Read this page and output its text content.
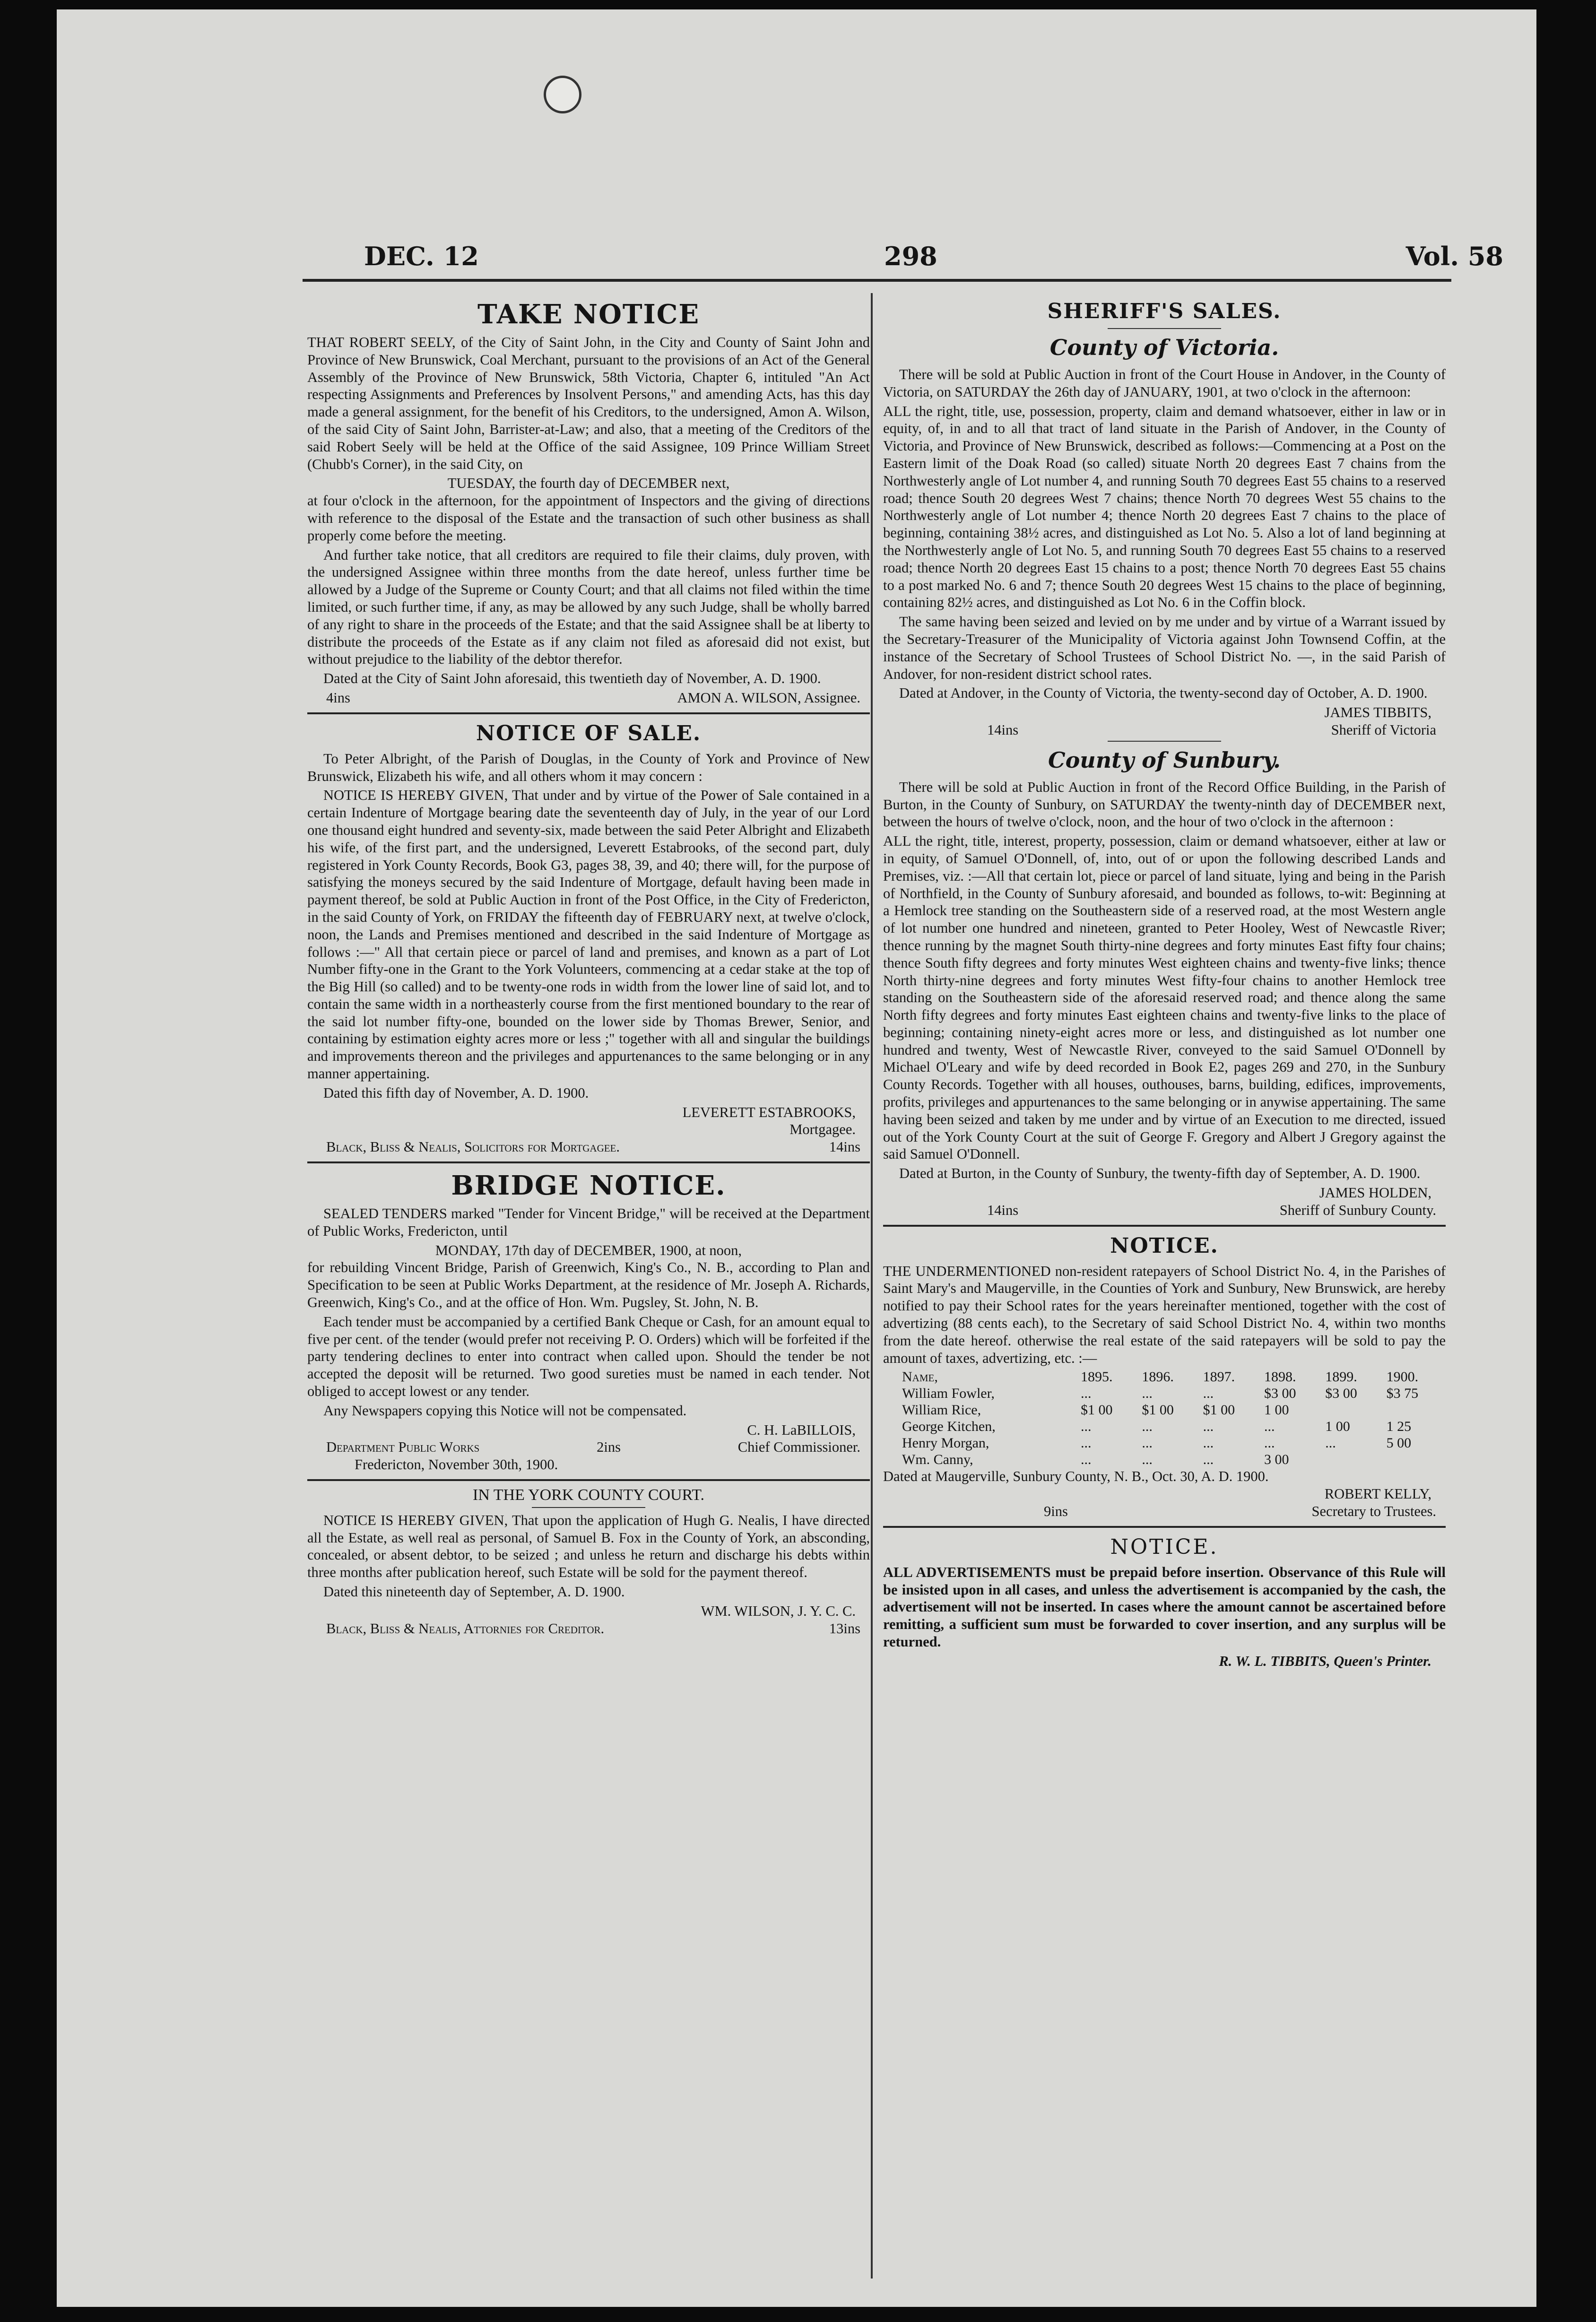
DEC. 12	298	Vol. 58
TAKE NOTICE

THAT ROBERT SEELY, of the City of Saint John, in the City and County of Saint John and Province of New Brunswick, Coal Merchant, pursuant to the provisions of an Act of the General Assembly of the Province of New Brunswick, 58th Victoria, Chapter 6, intituled "An Act respecting Assignments and Preferences by Insolvent Persons," and amending Acts, has this day made a general assignment, for the benefit of his Creditors, to the undersigned, Amon A. Wilson, of the said City of Saint John, Barrister-at-Law; and also, that a meeting of the Creditors of the said Robert Seely will be held at the Office of the said Assignee, 109 Prince William Street (Chubb's Corner), in the said City, on

TUESDAY, the fourth day of DECEMBER next,

at four o'clock in the afternoon, for the appointment of Inspectors and the giving of directions with reference to the disposal of the Estate and the transaction of such other business as shall properly come before the meeting.

And further take notice, that all creditors are required to file their claims, duly proven, with the undersigned Assignee within three months from the date hereof, unless further time be allowed by a Judge of the Supreme or County Court; and that all claims not filed within the time limited, or such further time, if any, as may be allowed by any such Judge, shall be wholly barred of any right to share in the proceeds of the Estate; and that the said Assignee shall be at liberty to distribute the proceeds of the Estate as if any claim not filed as aforesaid did not exist, but without prejudice to the liability of the debtor therefor.

Dated at the City of Saint John aforesaid, this twentieth day of November, A. D. 1900.

4ins	AMON A. WILSON, Assignee.
NOTICE OF SALE.

To Peter Albright, of the Parish of Douglas, in the County of York and Province of New Brunswick, Elizabeth his wife, and all others whom it may concern :

NOTICE IS HEREBY GIVEN, That under and by virtue of the Power of Sale contained in a certain Indenture of Mortgage bearing date the seventeenth day of July, in the year of our Lord one thousand eight hundred and seventy-six, made between the said Peter Albright and Elizabeth his wife, of the first part, and the undersigned, Leverett Estabrooks, of the second part, duly registered in York County Records, Book G3, pages 38, 39, and 40; there will, for the purpose of satisfying the moneys secured by the said Indenture of Mortgage, default having been made in payment thereof, be sold at Public Auction in front of the Post Office, in the City of Fredericton, in the said County of York, on FRIDAY the fifteenth day of FEBRUARY next, at twelve o'clock, noon, the Lands and Premises mentioned and described in the said Indenture of Mortgage as follows :—" All that certain piece or parcel of land and premises, and known as a part of Lot Number fifty-one in the Grant to the York Volunteers, commencing at a cedar stake at the top of the Big Hill (so called) and to be twenty-one rods in width from the lower line of said lot, and to contain the same width in a northeasterly course from the first mentioned boundary to the rear of the said lot number fifty-one, bounded on the lower side by Thomas Brewer, Senior, and containing by estimation eighty acres more or less ;" together with all and singular the buildings and improvements thereon and the privileges and appurtenances to the same belonging or in any manner appertaining.

Dated this fifth day of November, A. D. 1900.

LEVERETT ESTABROOKS,
Mortgagee.
Black, Bliss & Nealis, Solicitors for Mortgagee.	14ins
BRIDGE NOTICE.

SEALED TENDERS marked "Tender for Vincent Bridge," will be received at the Department of Public Works, Fredericton, until

MONDAY, 17th day of DECEMBER, 1900, at noon,

for rebuilding Vincent Bridge, Parish of Greenwich, King's Co., N. B., according to Plan and Specification to be seen at Public Works Department, at the residence of Mr. Joseph A. Richards, Greenwich, King's Co., and at the office of Hon. Wm. Pugsley, St. John, N. B.

Each tender must be accompanied by a certified Bank Cheque or Cash, for an amount equal to five per cent. of the tender (would prefer not receiving P. O. Orders) which will be forfeited if the party tendering declines to enter into contract when called upon. Should the tender be not accepted the deposit will be returned. Two good sureties must be named in each tender. Not obliged to accept lowest or any tender.

Any Newspapers copying this Notice will not be compensated.

C. H. LaBILLOIS,
Department Public Works	2ins	Chief Commissioner.
Fredericton, November 30th, 1900.
IN THE YORK COUNTY COURT.

NOTICE IS HEREBY GIVEN, That upon the application of Hugh G. Nealis, I have directed all the Estate, as well real as personal, of Samuel B. Fox in the County of York, an absconding, concealed, or absent debtor, to be seized ; and unless he return and discharge his debts within three months after publication hereof, such Estate will be sold for the payment thereof.

Dated this nineteenth day of September, A. D. 1900.

WM. WILSON, J. Y. C. C.
Black, Bliss & Nealis, Attornies for Creditor.	13ins
SHERIFF'S SALES.
County of Victoria.

There will be sold at Public Auction in front of the Court House in Andover, in the County of Victoria, on SATURDAY the 26th day of JANUARY, 1901, at two o'clock in the afternoon:

ALL the right, title, use, possession, property, claim and demand whatsoever, either in law or in equity, of, in and to all that tract of land situate in the Parish of Andover, in the County of Victoria, and Province of New Brunswick, described as follows:—Commencing at a Post on the Eastern limit of the Doak Road (so called) situate North 20 degrees East 7 chains from the Northwesterly angle of Lot number 4, and running South 70 degrees East 55 chains to a reserved road; thence South 20 degrees West 7 chains; thence North 70 degrees West 55 chains to the Northwesterly angle of Lot number 4; thence North 20 degrees East 7 chains to the place of beginning, containing 38½ acres, and distinguished as Lot No. 5. Also a lot of land beginning at the Northwesterly angle of Lot No. 5, and running South 70 degrees East 55 chains to a reserved road; thence North 20 degrees East 15 chains to a post; thence North 70 degrees East 55 chains to a post marked No. 6 and 7; thence South 20 degrees West 15 chains to the place of beginning, containing 82½ acres, and distinguished as Lot No. 6 in the Coffin block.

The same having been seized and levied on by me under and by virtue of a Warrant issued by the Secretary-Treasurer of the Municipality of Victoria against John Townsend Coffin, at the instance of the Secretary of School Trustees of School District No. —, in the said Parish of Andover, for non-resident district school rates.

Dated at Andover, in the County of Victoria, the twenty-second day of October, A. D. 1900.

JAMES TIBBITS,
14ins	Sheriff of Victoria
County of Sunbury.

There will be sold at Public Auction in front of the Record Office Building, in the Parish of Burton, in the County of Sunbury, on SATURDAY the twenty-ninth day of DECEMBER next, between the hours of twelve o'clock, noon, and the hour of two o'clock in the afternoon :

ALL the right, title, interest, property, possession, claim or demand whatsoever, either at law or in equity, of Samuel O'Donnell, of, into, out of or upon the following described Lands and Premises, viz. :—All that certain lot, piece or parcel of land situate, lying and being in the Parish of Northfield, in the County of Sunbury aforesaid, and bounded as follows, to-wit: Beginning at a Hemlock tree standing on the Southeastern side of a reserved road, at the most Western angle of lot number one hundred and nineteen, granted to Peter Hooley, West of Newcastle River; thence running by the magnet South thirty-nine degrees and forty minutes East fifty four chains; thence South fifty degrees and forty minutes West eighteen chains and twenty-five links; thence North thirty-nine degrees and forty minutes West fifty-four chains to another Hemlock tree standing on the Southeastern side of the aforesaid reserved road; and thence along the same North fifty degrees and forty minutes East eighteen chains and twenty-five links to the place of beginning; containing ninety-eight acres more or less, and distinguished as lot number one hundred and twenty, West of Newcastle River, conveyed to the said Samuel O'Donnell by Michael O'Leary and wife by deed recorded in Book E2, pages 269 and 270, in the Sunbury County Records. Together with all houses, outhouses, barns, building, edifices, improvements, profits, privileges and appurtenances to the same belonging or in anywise appertaining. The same having been seized and taken by me under and by virtue of an Execution to me directed, issued out of the York County Court at the suit of George F. Gregory and Albert J Gregory against the said Samuel O'Donnell.

Dated at Burton, in the County of Sunbury, the twenty-fifth day of September, A. D. 1900.

JAMES HOLDEN,
14ins	Sheriff of Sunbury County.
NOTICE.

THE UNDERMENTIONED non-resident ratepayers of School District No. 4, in the Parishes of Saint Mary's and Maugerville, in the Counties of York and Sunbury, New Brunswick, are hereby notified to pay their School rates for the years hereinafter mentioned, together with the cost of advertizing (88 cents each), to the Secretary of said School District No. 4, within two months from the date hereof. otherwise the real estate of the said ratepayers will be sold to pay the amount of taxes, advertizing, etc. :—

Name,	1895.	1896.	1897.	1898.	1899.	1900.
William Fowler,	...	...	...	$3 00	$3 00	$3 75
William Rice,	$1 00	$1 00	$1 00	1 00		
George Kitchen,	...	...	...	...	1 00	1 25
Henry Morgan,	...	...	...	...	...	5 00
Wm. Canny,	...	...	...	3 00		
Dated at Maugerville, Sunbury County, N. B., Oct. 30, A. D. 1900.
ROBERT KELLY,
9ins	Secretary to Trustees.
NOTICE.

ALL ADVERTISEMENTS must be prepaid before insertion. Observance of this Rule will be insisted upon in all cases, and unless the advertisement is accompanied by the cash, the advertisement will not be inserted. In cases where the amount cannot be ascertained before remitting, a sufficient sum must be forwarded to cover insertion, and any surplus will be returned.

R. W. L. TIBBITS, Queen's Printer.
